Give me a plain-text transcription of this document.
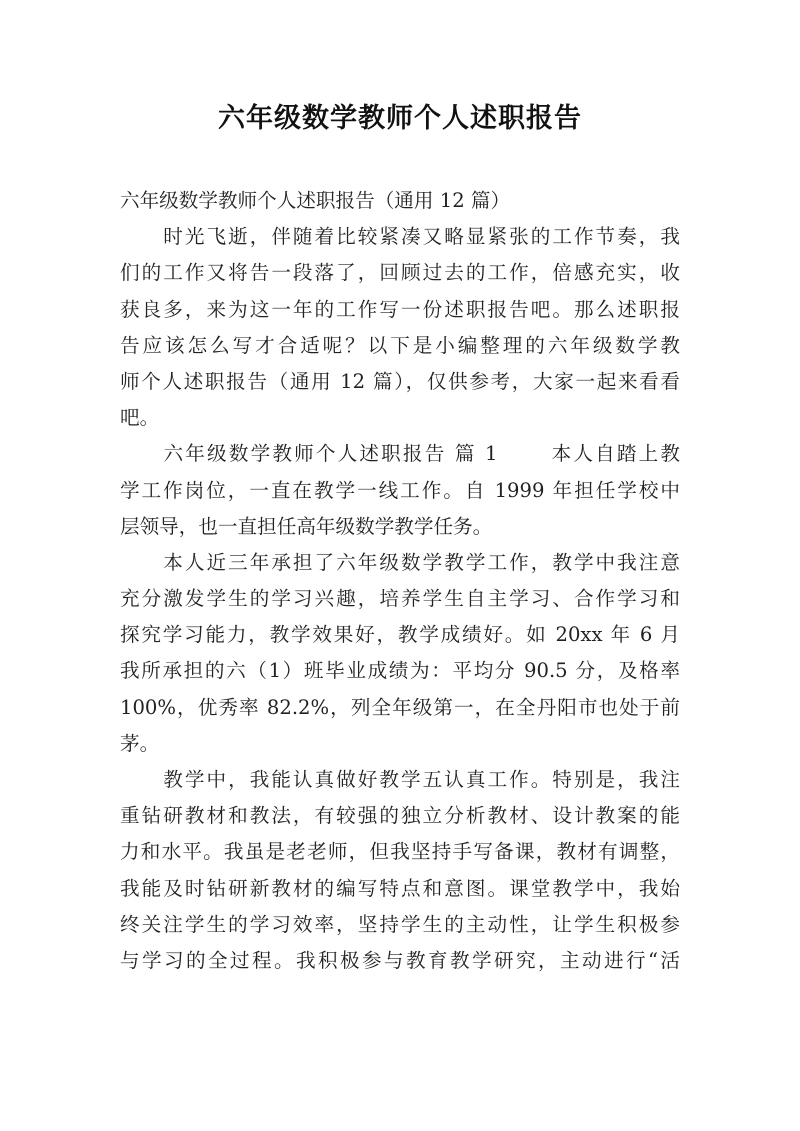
六年级数学教师个人述职报告

六年级数学教师个人述职报告（通用 12 篇）

　　时光飞逝，伴随着比较紧凑又略显紧张的工作节奏，我
们的工作又将告一段落了，回顾过去的工作，倍感充实，收
获良多，来为这一年的工作写一份述职报告吧。那么述职报
告应该怎么写才合适呢？以下是小编整理的六年级数学教
师个人述职报告（通用 12 篇），仅供参考，大家一起来看看
吧。

　　六年级数学教师个人述职报告 篇 1　　 本人自踏上教
学工作岗位，一直在教学一线工作。自 1999 年担任学校中
层领导，也一直担任高年级数学教学任务。

　　本人近三年承担了六年级数学教学工作，教学中我注意
充分激发学生的学习兴趣，培养学生自主学习、合作学习和
探究学习能力，教学效果好，教学成绩好。如 20xx 年 6 月
我所承担的六（1）班毕业成绩为：平均分 90.5 分，及格率
100%，优秀率 82.2%，列全年级第一，在全丹阳市也处于前
茅。

　　教学中，我能认真做好教学五认真工作。特别是，我注
重钻研教材和教法，有较强的独立分析教材、设计教案的能
力和水平。我虽是老老师，但我坚持手写备课，教材有调整，
我能及时钻研新教材的编写特点和意图。课堂教学中，我始
终关注学生的学习效率，坚持学生的主动性，让学生积极参
与学习的全过程。我积极参与教育教学研究，主动进行“活
